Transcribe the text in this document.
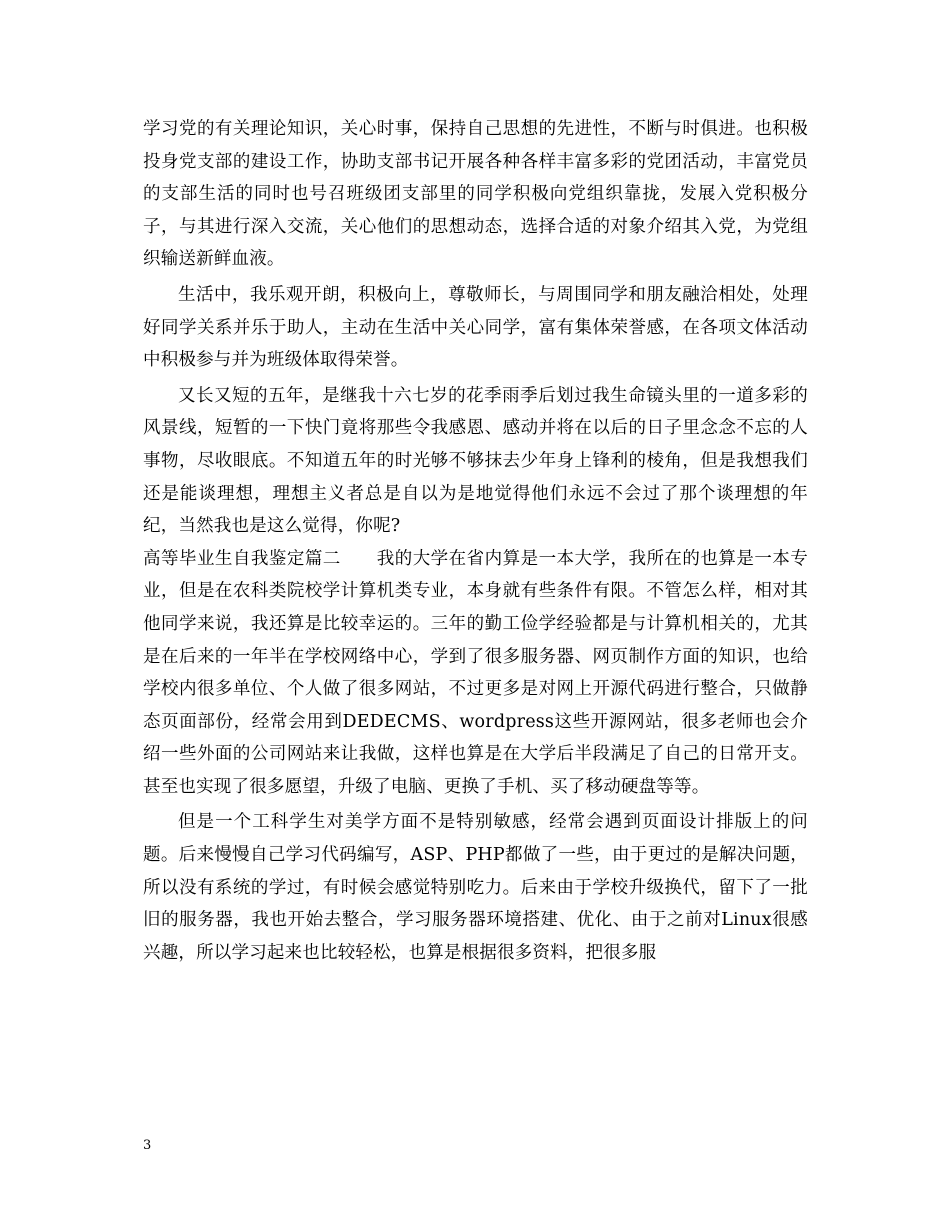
学习党的有关理论知识，关心时事，保持自己思想的先进性，不断与时俱进。也积极投身党支部的建设工作，协助支部书记开展各种各样丰富多彩的党团活动，丰富党员的支部生活的同时也号召班级团支部里的同学积极向党组织靠拢，发展入党积极分子，与其进行深入交流，关心他们的思想动态，选择合适的对象介绍其入党，为党组织输送新鲜血液。

生活中，我乐观开朗，积极向上，尊敬师长，与周围同学和朋友融洽相处，处理好同学关系并乐于助人，主动在生活中关心同学，富有集体荣誉感，在各项文体活动中积极参与并为班级体取得荣誉。

又长又短的五年，是继我十六七岁的花季雨季后划过我生命镜头里的一道多彩的风景线，短暂的一下快门竟将那些令我感恩、感动并将在以后的日子里念念不忘的人事物，尽收眼底。不知道五年的时光够不够抹去少年身上锋利的棱角，但是我想我们还是能谈理想，理想主义者总是自以为是地觉得他们永远不会过了那个谈理想的年纪，当然我也是这么觉得，你呢?

高等毕业生自我鉴定篇二　　我的大学在省内算是一本大学，我所在的也算是一本专业，但是在农科类院校学计算机类专业，本身就有些条件有限。不管怎么样，相对其他同学来说，我还算是比较幸运的。三年的勤工俭学经验都是与计算机相关的，尤其是在后来的一年半在学校网络中心，学到了很多服务器、网页制作方面的知识，也给学校内很多单位、个人做了很多网站，不过更多是对网上开源代码进行整合，只做静态页面部份，经常会用到DEDECMS、wordpress这些开源网站，很多老师也会介绍一些外面的公司网站来让我做，这样也算是在大学后半段满足了自己的日常开支。甚至也实现了很多愿望，升级了电脑、更换了手机、买了移动硬盘等等。

但是一个工科学生对美学方面不是特别敏感，经常会遇到页面设计排版上的问题。后来慢慢自己学习代码编写，ASP、PHP都做了一些，由于更过的是解决问题，所以没有系统的学过，有时候会感觉特别吃力。后来由于学校升级换代，留下了一批旧的服务器，我也开始去整合，学习服务器环境搭建、优化、由于之前对Linux很感兴趣，所以学习起来也比较轻松，也算是根据很多资料，把很多服

3
